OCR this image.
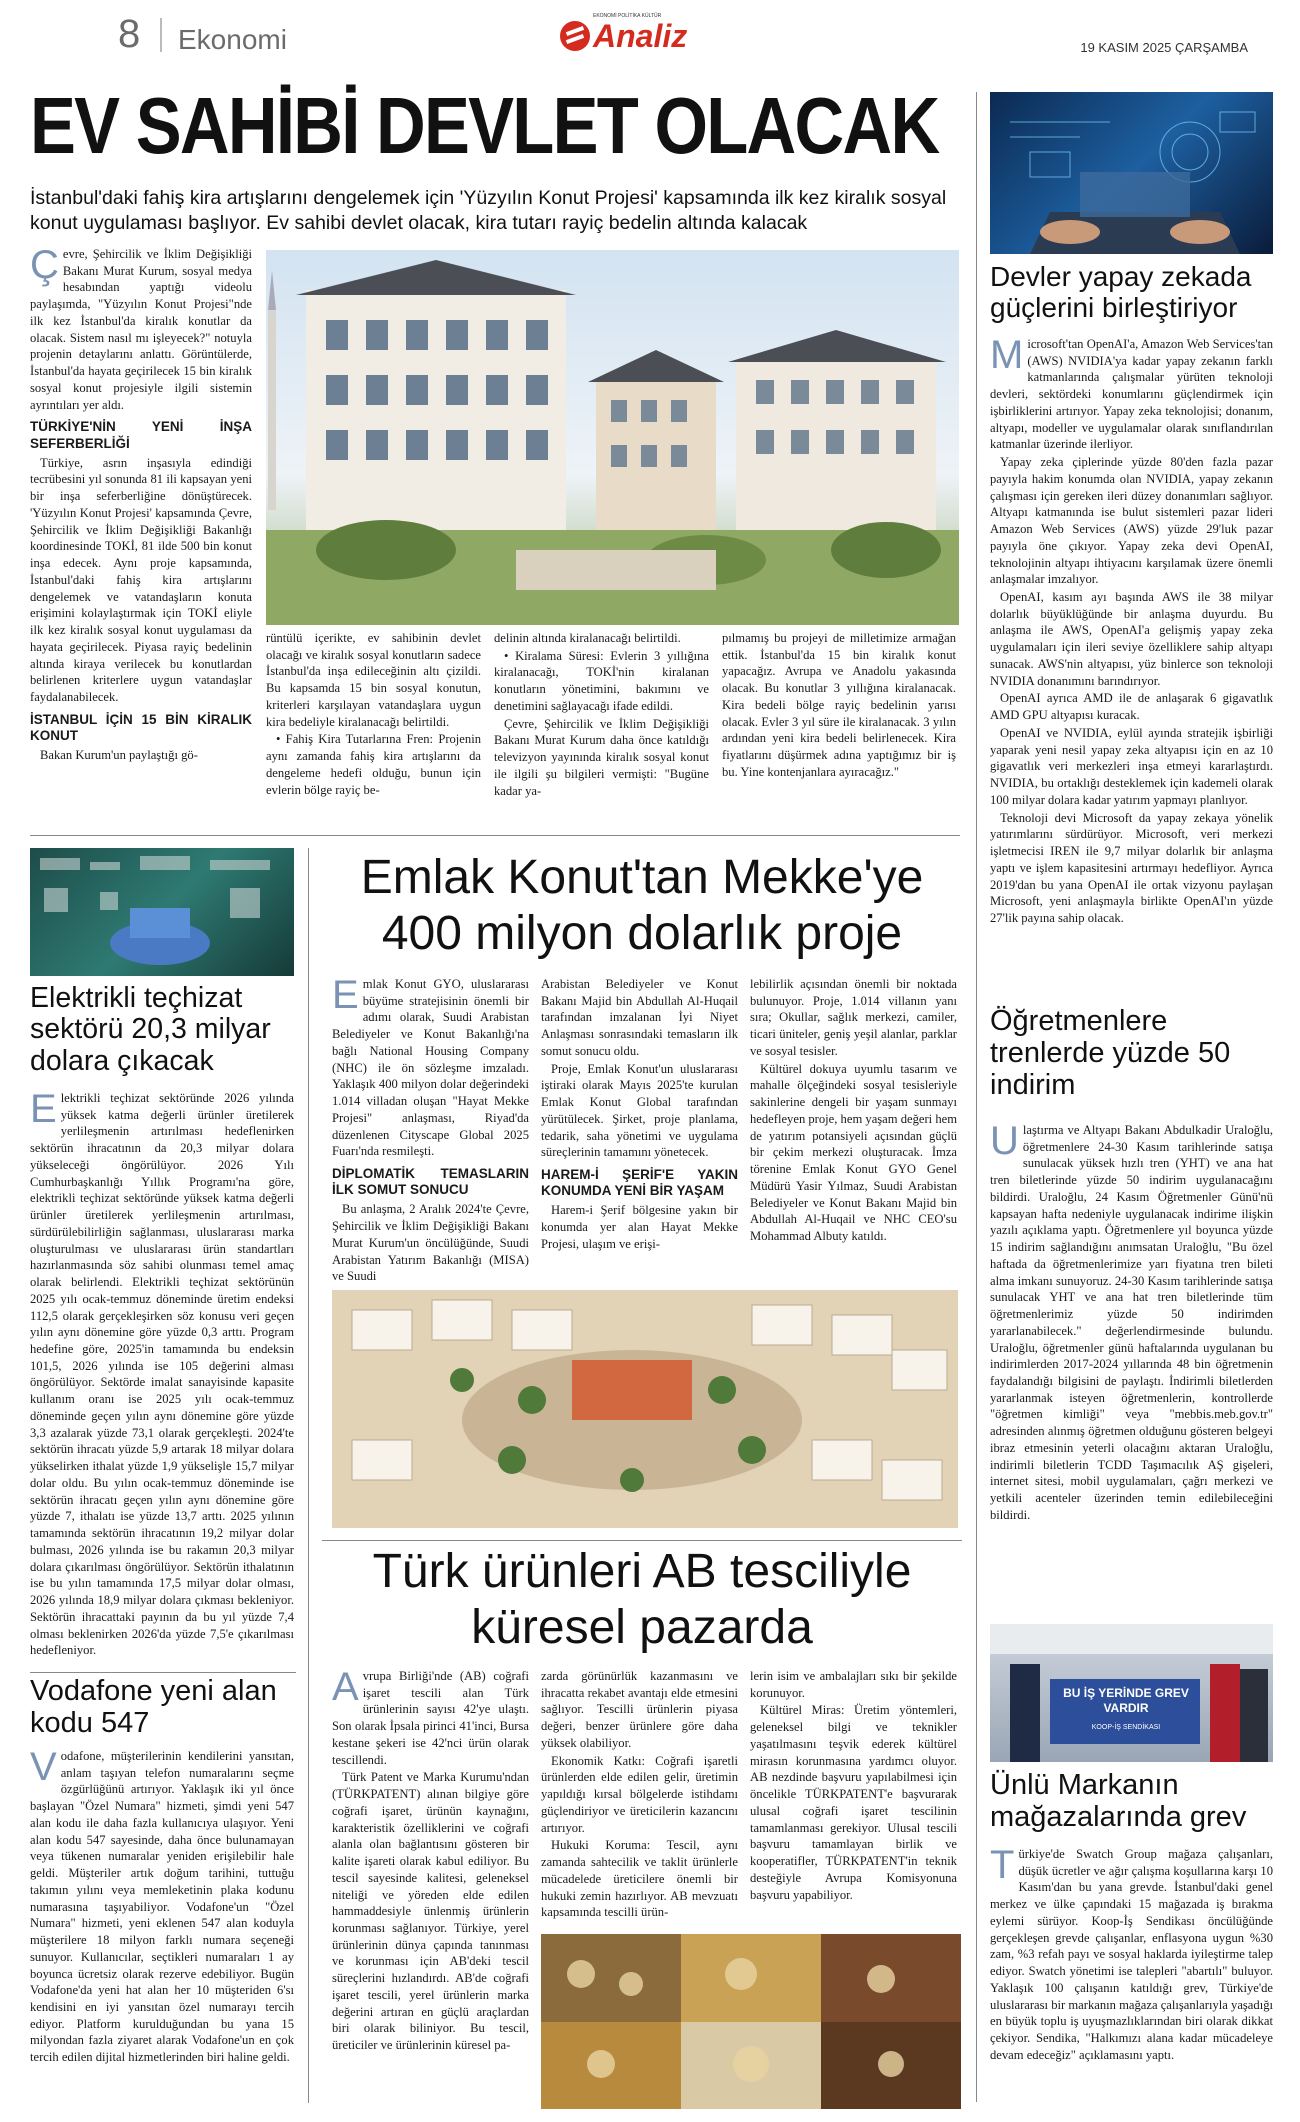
8 Ekonomi
EKONOMİ POLİTİKA KÜLTÜR
Analiz	19 KASIM 2025 ÇARŞAMBA
EV SAHİBİ DEVLET OLACAK
İstanbul'daki fahiş kira artışlarını dengelemek için 'Yüzyılın Konut Projesi' kapsamında ilk kez kiralık sosyal konut uygulaması başlıyor. Ev sahibi devlet olacak, kira tutarı rayiç bedelin altında kalacak
Ç evre, Şehircilik ve İklim Değişikliği Bakanı Murat Kurum, sosyal medya hesabından yaptığı videolu paylaşımda, "Yüzyılın Konut Projesi"nde ilk kez İstanbul'da kiralık konutlar da olacak. Sistem nasıl mı işleyecek?" notuyla projenin detaylarını anlattı. Görüntülerde, İstanbul'da hayata geçirilecek 15 bin kiralık sosyal konut projesiyle ilgili sistemin ayrıntıları yer aldı.

TÜRKİYE'NİN YENİ İNŞA SEFERBERLİĞİ

Türkiye, asrın inşasıyla edindiği tecrübesini yıl sonunda 81 ili kapsayan yeni bir inşa seferberliğine dönüştürecek. 'Yüzyılın Konut Projesi' kapsamında Çevre, Şehircilik ve İklim Değişikliği Bakanlığı koordinesinde TOKİ, 81 ilde 500 bin konut inşa edecek. Aynı proje kapsamında, İstanbul'daki fahiş kira artışlarını dengelemek ve vatandaşların konuta erişimini kolaylaştırmak için TOKİ eliyle ilk kez kiralık sosyal konut uygulaması da hayata geçirilecek. Piyasa rayiç bedelinin altında kiraya verilecek bu konutlardan belirlenen kriterlere uygun vatandaşlar faydalanabilecek.

İSTANBUL İÇİN 15 BİN KİRALIK KONUT

Bakan Kurum'un paylaştığı gö-

rüntülü içerikte, ev sahibinin devlet olacağı ve kiralık sosyal konutların sadece İstanbul'da inşa edileceğinin altı çizildi. Bu kapsamda 15 bin sosyal konutun, kriterleri karşılayan vatandaşlara uygun kira bedeliyle kiralanacağı belirtildi.

• Fahiş Kira Tutarlarına Fren: Projenin aynı zamanda fahiş kira artışlarını da dengeleme hedefi olduğu, bunun için evlerin bölge rayiç be-

delinin altında kiralanacağı belirtildi.

• Kiralama Süresi: Evlerin 3 yıllığına kiralanacağı, TOKİ'nin kiralanan konutların yönetimini, bakımını ve denetimini sağlayacağı ifade edildi.

Çevre, Şehircilik ve İklim Değişikliği Bakanı Murat Kurum daha önce katıldığı televizyon yayınında kiralık sosyal konut ile ilgili şu bilgileri vermişti: "Bugüne kadar ya-

pılmamış bu projeyi de milletimize armağan ettik. İstanbul'da 15 bin kiralık konut yapacağız. Avrupa ve Anadolu yakasında olacak. Bu konutlar 3 yıllığına kiralanacak. Kira bedeli bölge rayiç bedelinin yarısı olacak. Evler 3 yıl süre ile kiralanacak. 3 yılın ardından yeni kira bedeli belirlenecek. Kira fiyatlarını düşürmek adına yaptığımız bir iş bu. Yine kontenjanlara ayıracağız."

Devler yapay zekada güçlerini birleştiriyor
M icrosoft'tan OpenAI'a, Amazon Web Services'tan (AWS) NVIDIA'ya kadar yapay zekanın farklı katmanlarında çalışmalar yürüten teknoloji devleri, sektördeki konumlarını güçlendirmek için işbirliklerini artırıyor. Yapay zeka teknolojisi; donanım, altyapı, modeller ve uygulamalar olarak sınıflandırılan katmanlar üzerinde ilerliyor.

Yapay zeka çiplerinde yüzde 80'den fazla pazar payıyla hakim konumda olan NVIDIA, yapay zekanın çalışması için gereken ileri düzey donanımları sağlıyor. Altyapı katmanında ise bulut sistemleri pazar lideri Amazon Web Services (AWS) yüzde 29'luk pazar payıyla öne çıkıyor. Yapay zeka devi OpenAI, teknolojinin altyapı ihtiyacını karşılamak üzere önemli anlaşmalar imzalıyor.

OpenAI, kasım ayı başında AWS ile 38 milyar dolarlık büyüklüğünde bir anlaşma duyurdu. Bu anlaşma ile AWS, OpenAI'a gelişmiş yapay zeka uygulamaları için ileri seviye özelliklere sahip altyapı sunacak. AWS'nin altyapısı, yüz binlerce son teknoloji NVIDIA donanımını barındırıyor.

OpenAI ayrıca AMD ile de anlaşarak 6 gigavatlık AMD GPU altyapısı kuracak.

OpenAI ve NVIDIA, eylül ayında stratejik işbirliği yaparak yeni nesil yapay zeka altyapısı için en az 10 gigavatlık veri merkezleri inşa etmeyi kararlaştırdı. NVIDIA, bu ortaklığı desteklemek için kademeli olarak 100 milyar dolara kadar yatırım yapmayı planlıyor.

Teknoloji devi Microsoft da yapay zekaya yönelik yatırımlarını sürdürüyor. Microsoft, veri merkezi işletmecisi IREN ile 9,7 milyar dolarlık bir anlaşma yaptı ve işlem kapasitesini artırmayı hedefliyor. Ayrıca 2019'dan bu yana OpenAI ile ortak vizyonu paylaşan Microsoft, yeni anlaşmayla birlikte OpenAI'ın yüzde 27'lik payına sahip olacak.

Öğretmenlere trenlerde yüzde 50 indirim
U laştırma ve Altyapı Bakanı Abdulkadir Uraloğlu, öğretmenlere 24-30 Kasım tarihlerinde satışa sunulacak yüksek hızlı tren (YHT) ve ana hat tren biletlerinde yüzde 50 indirim uygulanacağını bildirdi. Uraloğlu, 24 Kasım Öğretmenler Günü'nü kapsayan hafta nedeniyle uygulanacak indirime ilişkin yazılı açıklama yaptı. Öğretmenlere yıl boyunca yüzde 15 indirim sağlandığını anımsatan Uraloğlu, "Bu özel haftada da öğretmenlerimize yarı fiyatına tren bileti alma imkanı sunuyoruz. 24-30 Kasım tarihlerinde satışa sunulacak YHT ve ana hat tren biletlerinde tüm öğretmenlerimiz yüzde 50 indirimden yararlanabilecek." değerlendirmesinde bulundu. Uraloğlu, öğretmenler günü haftalarında uygulanan bu indirimlerden 2017-2024 yıllarında 48 bin öğretmenin faydalandığı bilgisini de paylaştı. İndirimli biletlerden yararlanmak isteyen öğretmenlerin, kontrollerde "öğretmen kimliği" veya "mebbis.meb.gov.tr" adresinden alınmış öğretmen olduğunu gösteren belgeyi ibraz etmesinin yeterli olacağını aktaran Uraloğlu, indirimli biletlerin TCDD Taşımacılık AŞ gişeleri, internet sitesi, mobil uygulamaları, çağrı merkezi ve yetkili acenteler üzerinden temin edilebileceğini bildirdi.

BU İŞ YERİNDE GREV VARDIR
KOOP-İŞ SENDİKASI
Ünlü Markanın mağazalarında grev
T ürkiye'de Swatch Group mağaza çalışanları, düşük ücretler ve ağır çalışma koşullarına karşı 10 Kasım'dan bu yana grevde. İstanbul'daki genel merkez ve ülke çapındaki 15 mağazada iş bırakma eylemi sürüyor. Koop-İş Sendikası öncülüğünde gerçekleşen grevde çalışanlar, enflasyona uygun %30 zam, %3 refah payı ve sosyal haklarda iyileştirme talep ediyor. Swatch yönetimi ise talepleri "abartılı" buluyor. Yaklaşık 100 çalışanın katıldığı grev, Türkiye'de uluslararası bir markanın mağaza çalışanlarıyla yaşadığı en büyük toplu iş uyuşmazlıklarından biri olarak dikkat çekiyor. Sendika, "Halkımızı alana kadar mücadeleye devam edeceğiz" açıklamasını yaptı.

Elektrikli teçhizat sektörü 20,3 milyar dolara çıkacak
E lektrikli teçhizat sektöründe 2026 yılında yüksek katma değerli ürünler üretilerek yerlileşmenin artırılması hedeflenirken sektörün ihracatının da 20,3 milyar dolara yükseleceği öngörülüyor. 2026 Yılı Cumhurbaşkanlığı Yıllık Programı'na göre, elektrikli teçhizat sektöründe yüksek katma değerli ürünler üretilerek yerlileşmenin artırılması, sürdürülebilirliğin sağlanması, uluslararası marka oluşturulması ve uluslararası ürün standartları hazırlanmasında söz sahibi olunması temel amaç olarak belirlendi. Elektrikli teçhizat sektörünün 2025 yılı ocak-temmuz döneminde üretim endeksi 112,5 olarak gerçekleşirken söz konusu veri geçen yılın aynı dönemine göre yüzde 0,3 arttı. Program hedefine göre, 2025'in tamamında bu endeksin 101,5, 2026 yılında ise 105 değerini alması öngörülüyor. Sektörde imalat sanayisinde kapasite kullanım oranı ise 2025 yılı ocak-temmuz döneminde geçen yılın aynı dönemine göre yüzde 3,3 azalarak yüzde 73,1 olarak gerçekleşti. 2024'te sektörün ihracatı yüzde 5,9 artarak 18 milyar dolara yükselirken ithalat yüzde 1,9 yükselişle 15,7 milyar dolar oldu. Bu yılın ocak-temmuz döneminde ise sektörün ihracatı geçen yılın aynı dönemine göre yüzde 7, ithalatı ise yüzde 13,7 arttı. 2025 yılının tamamında sektörün ihracatının 19,2 milyar dolar bulması, 2026 yılında ise bu rakamın 20,3 milyar dolara çıkarılması öngörülüyor. Sektörün ithalatının ise bu yılın tamamında 17,5 milyar dolar olması, 2026 yılında 18,9 milyar dolara çıkması bekleniyor. Sektörün ihracattaki payının da bu yıl yüzde 7,4 olması beklenirken 2026'da yüzde 7,5'e çıkarılması hedefleniyor.

Vodafone yeni alan kodu 547
V odafone, müşterilerinin kendilerini yansıtan, anlam taşıyan telefon numaralarını seçme özgürlüğünü artırıyor. Yaklaşık iki yıl önce başlayan "Özel Numara" hizmeti, şimdi yeni 547 alan kodu ile daha fazla kullanıcıya ulaşıyor. Yeni alan kodu 547 sayesinde, daha önce bulunamayan veya tükenen numaralar yeniden erişilebilir hale geldi. Müşteriler artık doğum tarihini, tuttuğu takımın yılını veya memleketinin plaka kodunu numarasına taşıyabiliyor. Vodafone'un "Özel Numara" hizmeti, yeni eklenen 547 alan koduyla müşterilere 18 milyon farklı numara seçeneği sunuyor. Kullanıcılar, seçtikleri numaraları 1 ay boyunca ücretsiz olarak rezerve edebiliyor. Bugün Vodafone'da yeni hat alan her 10 müşteriden 6'sı kendisini en iyi yansıtan özel numarayı tercih ediyor. Platform kurulduğundan bu yana 15 milyondan fazla ziyaret alarak Vodafone'un en çok tercih edilen dijital hizmetlerinden biri haline geldi.

Emlak Konut'tan Mekke'ye 400 milyon dolarlık proje
E mlak Konut GYO, uluslararası büyüme stratejisinin önemli bir adımı olarak, Suudi Arabistan Belediyeler ve Konut Bakanlığı'na bağlı National Housing Company (NHC) ile ön sözleşme imzaladı. Yaklaşık 400 milyon dolar değerindeki 1.014 villadan oluşan "Hayat Mekke Projesi" anlaşması, Riyad'da düzenlenen Cityscape Global 2025 Fuarı'nda resmileşti.

DİPLOMATİK TEMASLARIN İLK SOMUT SONUCU

Bu anlaşma, 2 Aralık 2024'te Çevre, Şehircilik ve İklim Değişikliği Bakanı Murat Kurum'un öncülüğünde, Suudi Arabistan Yatırım Bakanlığı (MISA) ve Suudi

Arabistan Belediyeler ve Konut Bakanı Majid bin Abdullah Al-Huqail tarafından imzalanan İyi Niyet Anlaşması sonrasındaki temasların ilk somut sonucu oldu.

Proje, Emlak Konut'un uluslararası iştiraki olarak Mayıs 2025'te kurulan Emlak Konut Global tarafından yürütülecek. Şirket, proje planlama, tedarik, saha yönetimi ve uygulama süreçlerinin tamamını yönetecek.

HAREM-İ ŞERİF'E YAKIN KONUMDA YENİ BİR YAŞAM

Harem-i Şerif bölgesine yakın bir konumda yer alan Hayat Mekke Projesi, ulaşım ve erişi-

lebilirlik açısından önemli bir noktada bulunuyor. Proje, 1.014 villanın yanı sıra; Okullar, sağlık merkezi, camiler, ticari üniteler, geniş yeşil alanlar, parklar ve sosyal tesisler.

Kültürel dokuya uyumlu tasarım ve mahalle ölçeğindeki sosyal tesisleriyle sakinlerine dengeli bir yaşam sunmayı hedefleyen proje, hem yaşam değeri hem de yatırım potansiyeli açısından güçlü bir çekim merkezi oluşturacak. İmza törenine Emlak Konut GYO Genel Müdürü Yasir Yılmaz, Suudi Arabistan Belediyeler ve Konut Bakanı Majid bin Abdullah Al-Huqail ve NHC CEO'su Mohammad Albuty katıldı.

Türk ürünleri AB tesciliyle küresel pazarda
A vrupa Birliği'nde (AB) coğrafi işaret tescili alan Türk ürünlerinin sayısı 42'ye ulaştı. Son olarak İpsala pirinci 41'inci, Bursa kestane şekeri ise 42'nci ürün olarak tescillendi.

Türk Patent ve Marka Kurumu'ndan (TÜRKPATENT) alınan bilgiye göre coğrafi işaret, ürünün kaynağını, karakteristik özelliklerini ve coğrafi alanla olan bağlantısını gösteren bir kalite işareti olarak kabul ediliyor. Bu tescil sayesinde kalitesi, geleneksel niteliği ve yöreden elde edilen hammaddesiyle ünlenmiş ürünlerin korunması sağlanıyor. Türkiye, yerel ürünlerinin dünya çapında tanınması ve korunması için AB'deki tescil süreçlerini hızlandırdı. AB'de coğrafi işaret tescili, yerel ürünlerin marka değerini artıran en güçlü araçlardan biri olarak biliniyor. Bu tescil, üreticiler ve ürünlerinin küresel pa-

zarda görünürlük kazanmasını ve ihracatta rekabet avantajı elde etmesini sağlıyor. Tescilli ürünlerin piyasa değeri, benzer ürünlere göre daha yüksek olabiliyor.

Ekonomik Katkı: Coğrafi işaretli ürünlerden elde edilen gelir, üretimin yapıldığı kırsal bölgelerde istihdamı güçlendiriyor ve üreticilerin kazancını artırıyor.

Hukuki Koruma: Tescil, aynı zamanda sahtecilik ve taklit ürünlerle mücadelede üreticilere önemli bir hukuki zemin hazırlıyor. AB mevzuatı kapsamında tescilli ürün-

lerin isim ve ambalajları sıkı bir şekilde korunuyor.

Kültürel Miras: Üretim yöntemleri, geleneksel bilgi ve teknikler yaşatılmasını teşvik ederek kültürel mirasın korunmasına yardımcı oluyor. AB nezdinde başvuru yapılabilmesi için öncelikle TÜRKPATENT'e başvurarak ulusal coğrafi işaret tescilinin tamamlanması gerekiyor. Ulusal tescili başvuru tamamlayan birlik ve kooperatifler, TÜRKPATENT'in teknik desteğiyle Avrupa Komisyonuna başvuru yapabiliyor.
